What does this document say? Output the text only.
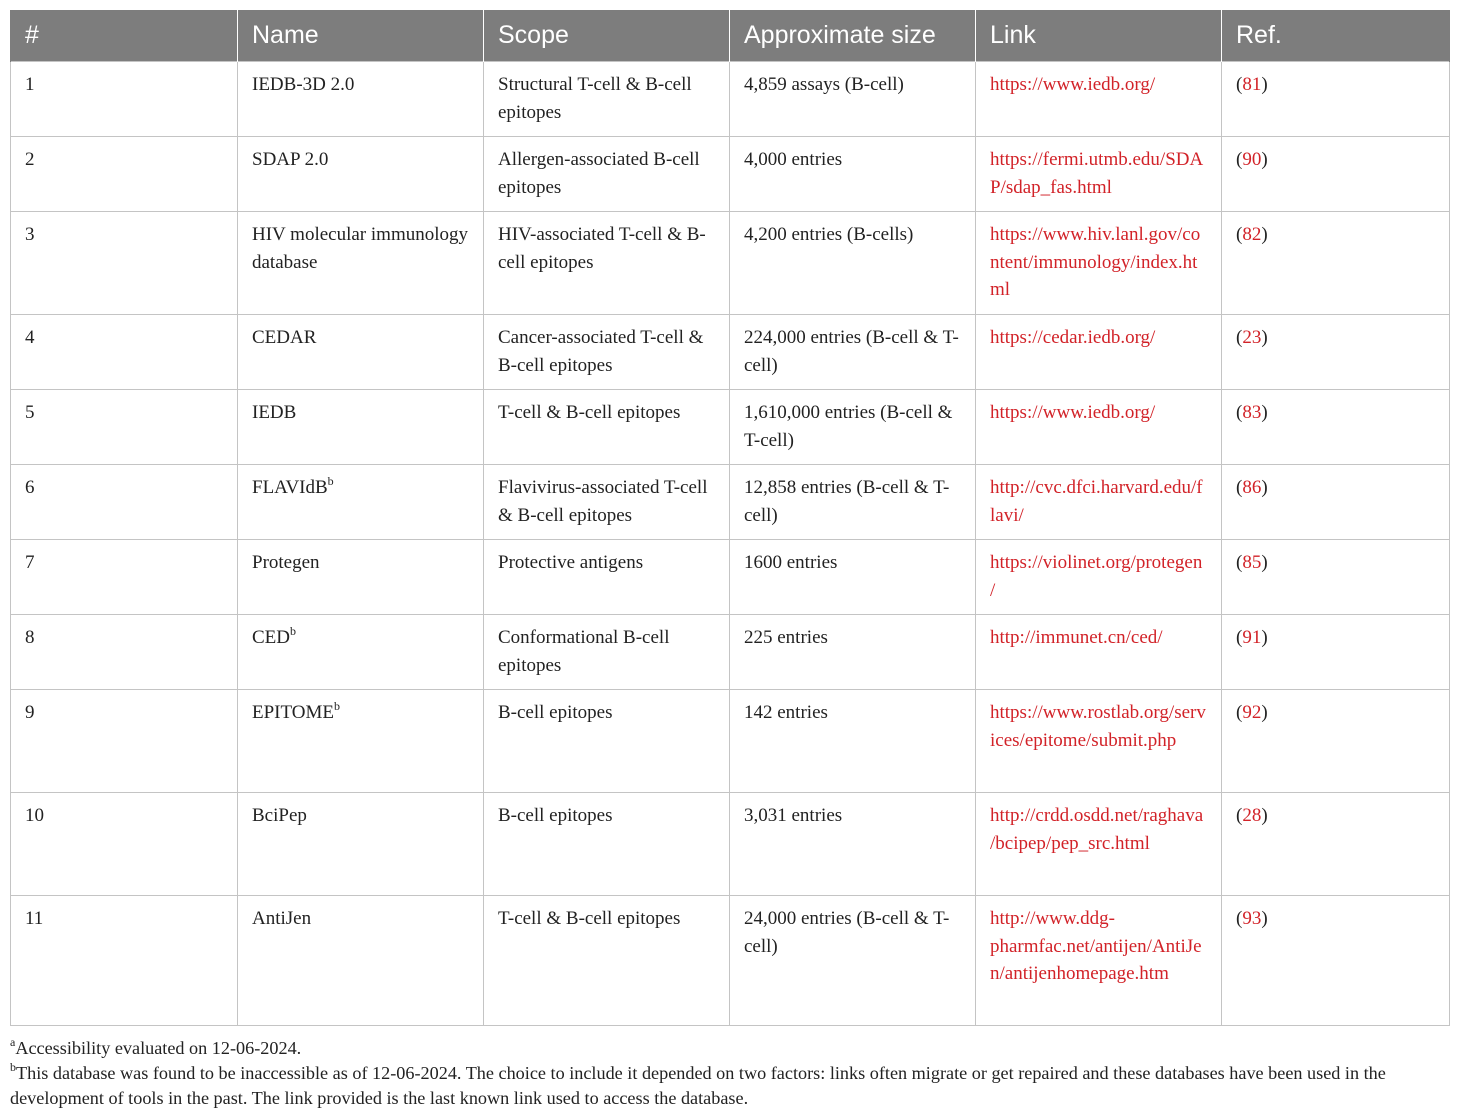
#	Name	Scope	Approximate size	Link	Ref.
1	IEDB-3D 2.0	Structural T-cell & B-cell epitopes	4,859 assays (B-cell)	https://www.iedb.org/	(81)
2	SDAP 2.0	Allergen-associated B-cell epitopes	4,000 entries	https://fermi.utmb.edu/SDAP/sdap_fas.html	(90)
3	HIV molecular immunology database	HIV-associated T-cell & B-cell epitopes	4,200 entries (B-cells)	https://www.hiv.lanl.gov/content/immunology/index.html	(82)
4	CEDAR	Cancer-associated T-cell & B-cell epitopes	224,000 entries (B-cell & T-cell)	https://cedar.iedb.org/	(23)
5	IEDB	T-cell & B-cell epitopes	1,610,000 entries (B-cell & T-cell)	https://www.iedb.org/	(83)
6	FLAVIdB$^b$	Flavivirus-associated T-cell & B-cell epitopes	12,858 entries (B-cell & T-cell)	http://cvc.dfci.harvard.edu/flavi/	(86)
7	Protegen	Protective antigens	1600 entries	https://violinet.org/protegen/	(85)
8	CED$^b$	Conformational B-cell epitopes	225 entries	http://immunet.cn/ced/	(91)
9	EPITOME$^b$	B-cell epitopes	142 entries	https://www.rostlab.org/services/epitome/submit.php	(92)
10	BciPep	B-cell epitopes	3,031 entries	http://crdd.osdd.net/raghava/bcipep/pep_src.html	(28)
11	AntiJen	T-cell & B-cell epitopes	24,000 entries (B-cell & T-cell)	http://www.ddg-pharmfac.net/antijen/AntiJen/antijenhomepage.htm	(93)

$^a$Accessibility evaluated on 12-06-2024.

$^b$This database was found to be inaccessible as of 12-06-2024. The choice to include it depended on two factors: links often migrate or get repaired and these databases have been used in the development of tools in the past. The link provided is the last known link used to access the database.
